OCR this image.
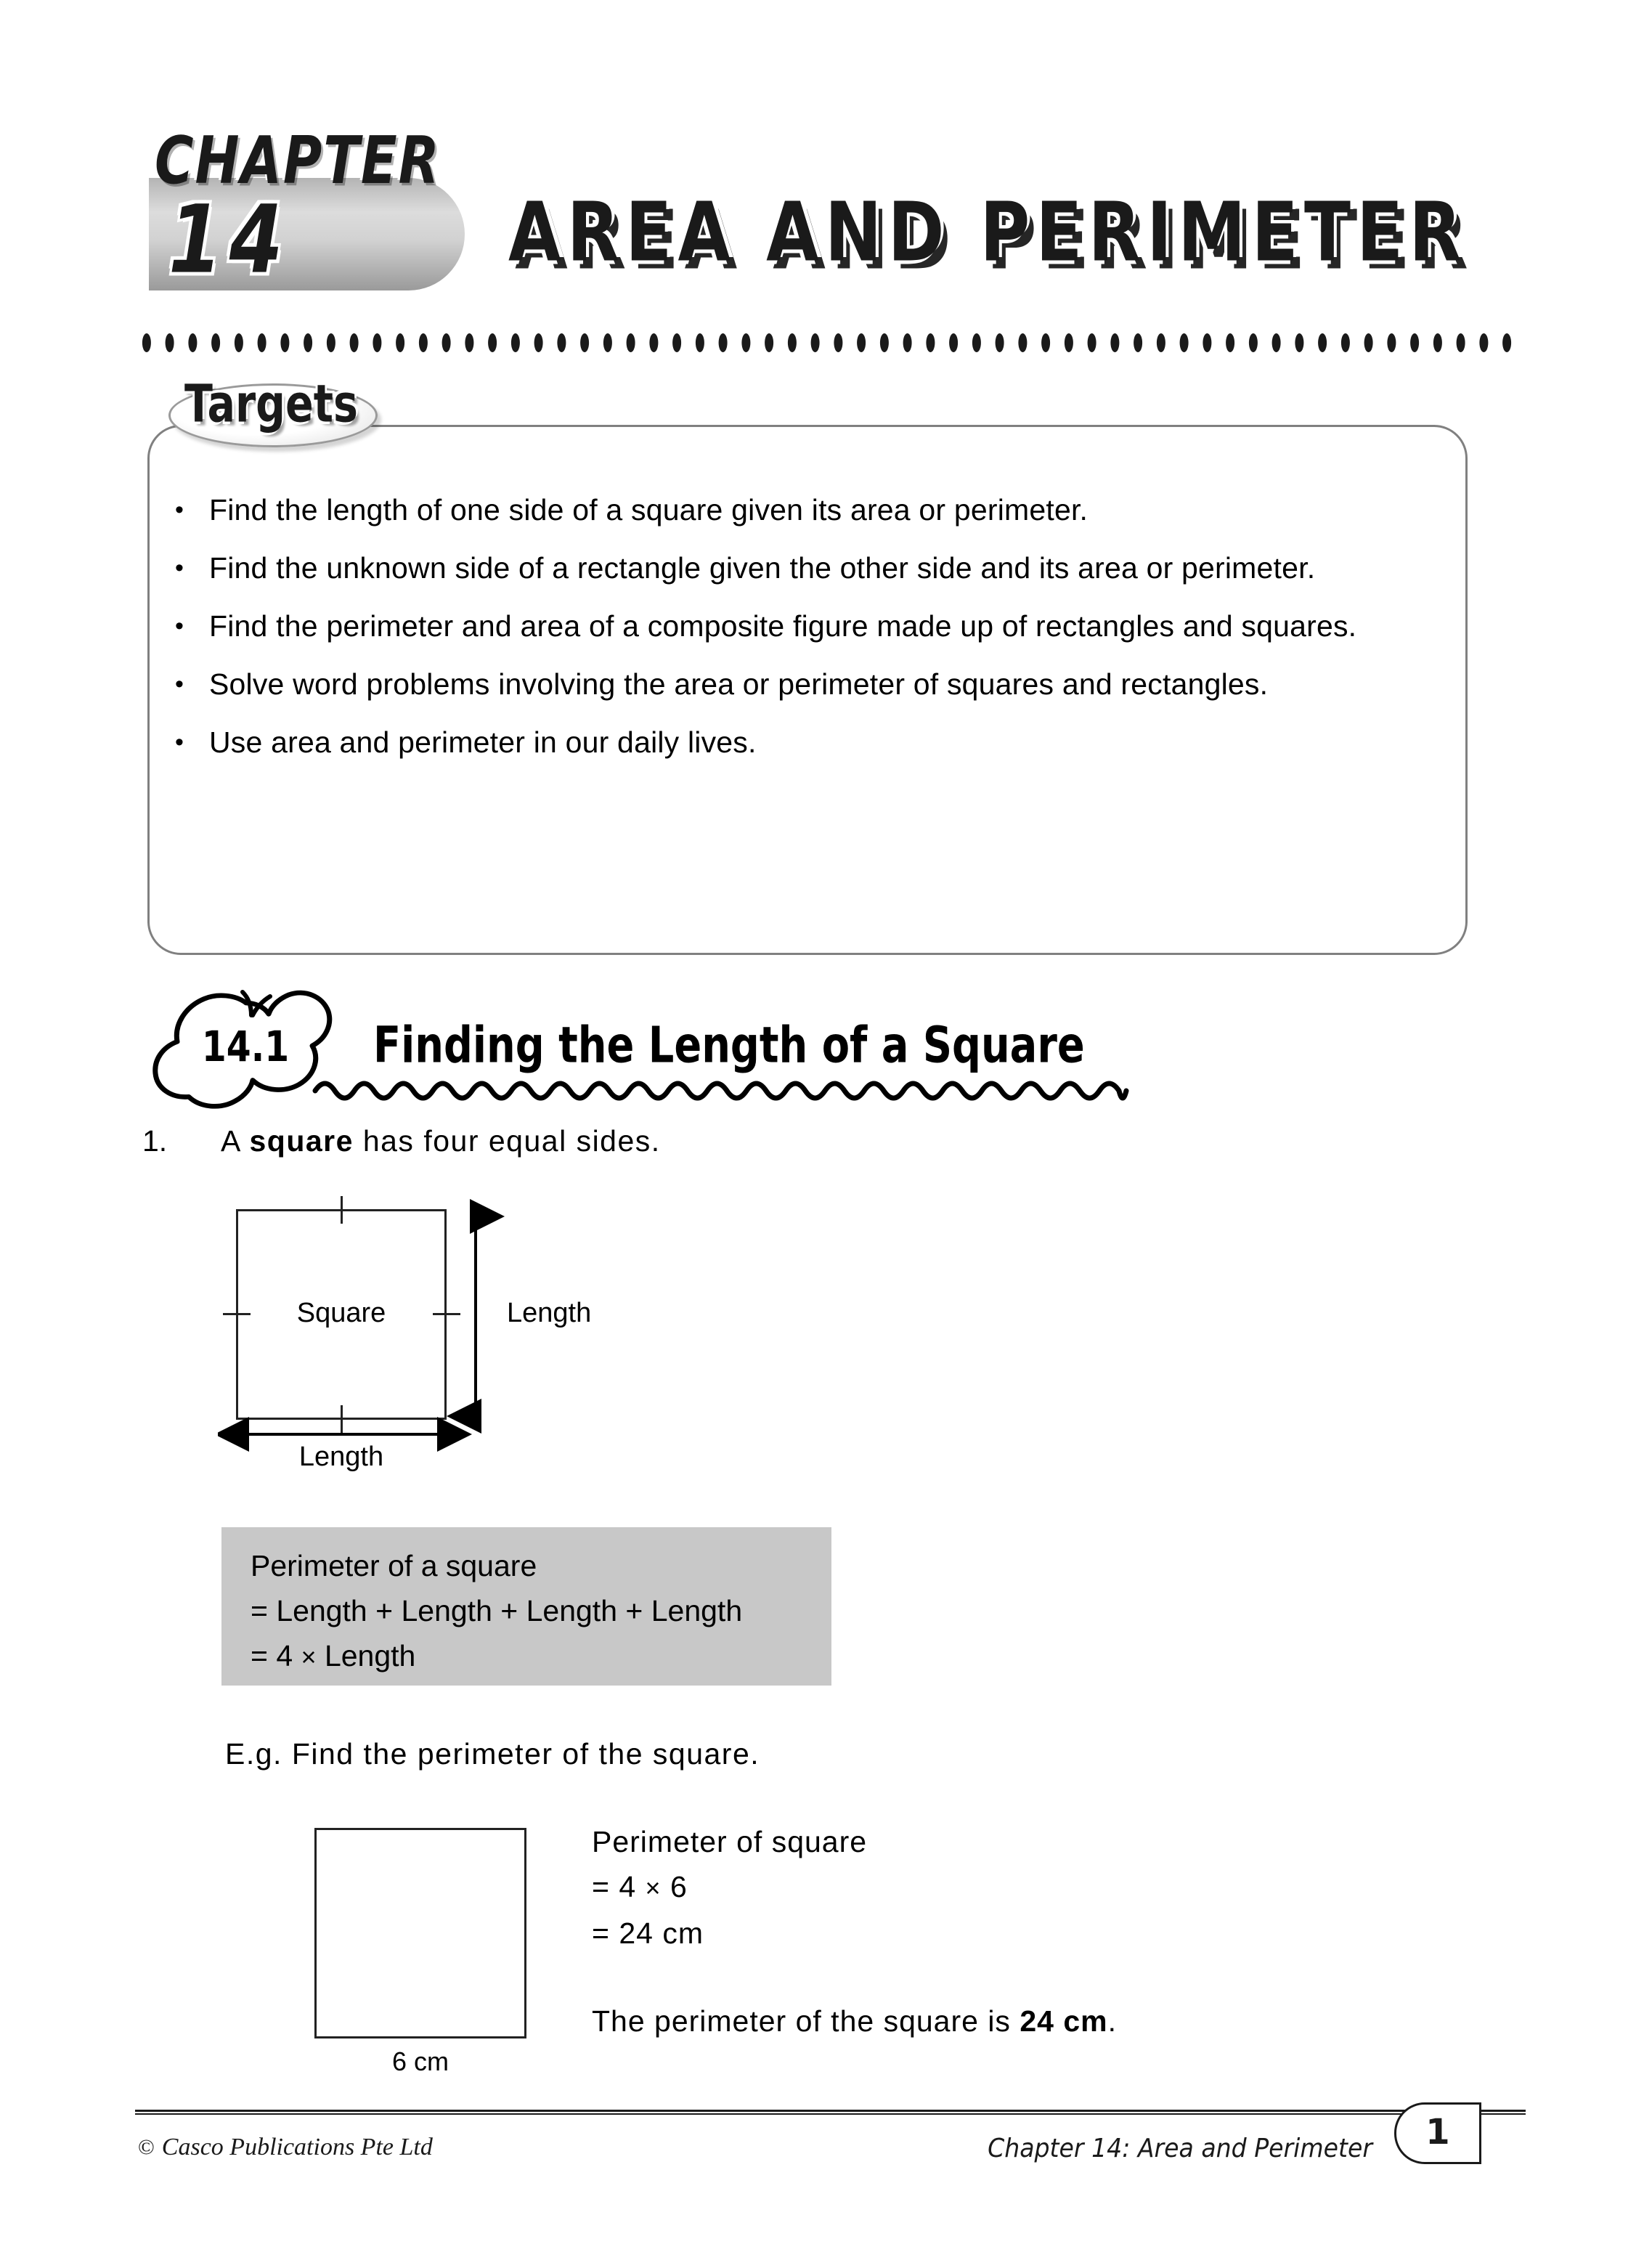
CHAPTER
14	AREA AND PERIMETER
• Find the length of one side of a square given its area or perimeter.
• Find the unknown side of a rectangle given the other side and its area or perimeter.
• Find the perimeter and area of a composite figure made up of rectangles and squares.
• Solve word problems involving the area or perimeter of squares and rectangles.
• Use area and perimeter in our daily lives.
Targets
14.1	Finding the Length of a Square
1. A square has four equal sides.
Square	Length
Length
Perimeter of a square
= Length + Length + Length + Length
= 4 × Length
E.g. Find the perimeter of the square.
6 cm
Perimeter of square
= 4 × 6
= 24 cm
The perimeter of the square is 24 cm.
© Casco Publications Pte Ltd	Chapter 14: Area and Perimeter	1
